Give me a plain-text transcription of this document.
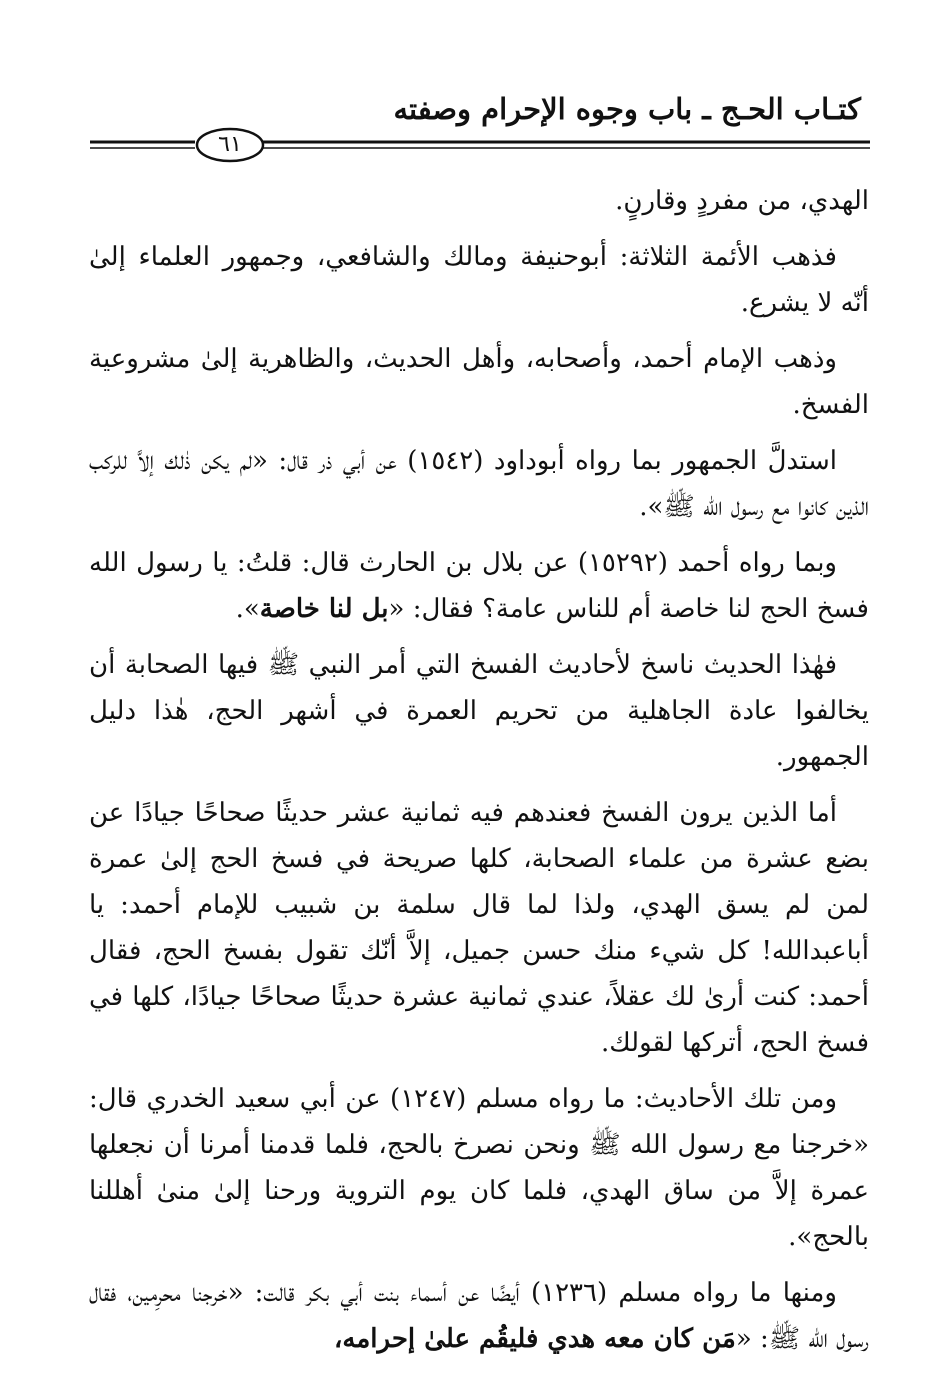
كتـاب الحـج ـ باب وجوه الإحرام وصفته
٦١

الهدي، من مفردٍ وقارنٍ.

فذهب الأئمة الثلاثة: أبوحنيفة ومالك والشافعي، وجمهور العلماء إلىٰ أنّه لا يشرع.

وذهب الإمام أحمد، وأصحابه، وأهل الحديث، والظاهرية إلىٰ مشروعية الفسخ.

استدلَّ الجمهور بما رواه أبوداود (١٥٤٢) عن أبي ذر قال: «لم يكن ذٰلك إلاَّ للركب الذين كانوا مع رسول الله ﷺ».

وبما رواه أحمد (١٥٢٩٢) عن بلال بن الحارث قال: قلتُ: يا رسول الله فسخ الحج لنا خاصة أم للناس عامة؟ فقال: «بل لنا خاصة».

فهٰذا الحديث ناسخ لأحاديث الفسخ التي أمر النبي ﷺ فيها الصحابة أن يخالفوا عادة الجاهلية من تحريم العمرة في أشهر الحج، هٰذا دليل الجمهور.

أما الذين يرون الفسخ فعندهم فيه ثمانية عشر حديثًا صحاحًا جيادًا عن بضع عشرة من علماء الصحابة، كلها صريحة في فسخ الحج إلىٰ عمرة لمن لم يسق الهدي، ولذا لما قال سلمة بن شبيب للإمام أحمد: يا أباعبدالله! كل شيء منك حسن جميل، إلاَّ أنّك تقول بفسخ الحج، فقال أحمد: كنت أرىٰ لك عقلاً، عندي ثمانية عشرة حديثًا صحاحًا جيادًا، كلها في فسخ الحج، أتركها لقولك.

ومن تلك الأحاديث: ما رواه مسلم (١٢٤٧) عن أبي سعيد الخدري قال: «خرجنا مع رسول الله ﷺ ونحن نصرخ بالحج، فلما قدمنا أمرنا أن نجعلها عمرة إلاَّ من ساق الهدي، فلما كان يوم التروية ورحنا إلىٰ منىٰ أهللنا بالحج».

ومنها ما رواه مسلم (١٢٣٦) أيضًا عن أسماء بنت أبي بكر قالت: «خرجنا محرِمين، فقال رسول الله ﷺ: «مَن كان معه هدي فليقُم علىٰ إحرامه،
